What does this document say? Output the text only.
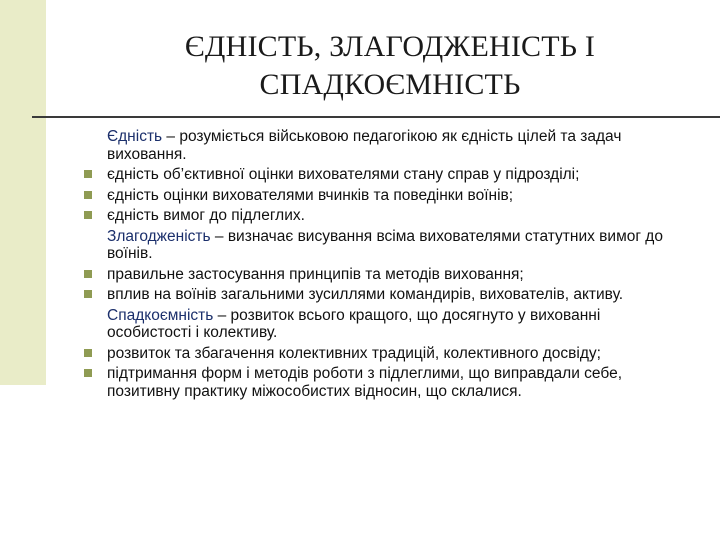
ЄДНІСТЬ, ЗЛАГОДЖЕНІСТЬ І
СПАДКОЄМНІСТЬ
Єдність – розуміється військовою педагогікою як єдність цілей та задач виховання.
єдність об’єктивної оцінки вихователями стану справ у підрозділі;
єдність оцінки вихователями вчинків та поведінки воїнів;
єдність вимог до підлеглих.
Злагодженість – визначає висування всіма вихователями статутних вимог до воїнів.
правильне застосування принципів та методів виховання;
вплив на воїнів загальними зусиллями командирів, вихователів, активу.
Спадкоємність – розвиток всього кращого, що досягнуто у вихованні особистості і колективу.
розвиток та збагачення колективних традицій, колективного досвіду;
підтримання форм і методів роботи з підлеглими, що виправдали себе, позитивну практику міжособистих відносин, що склалися.
